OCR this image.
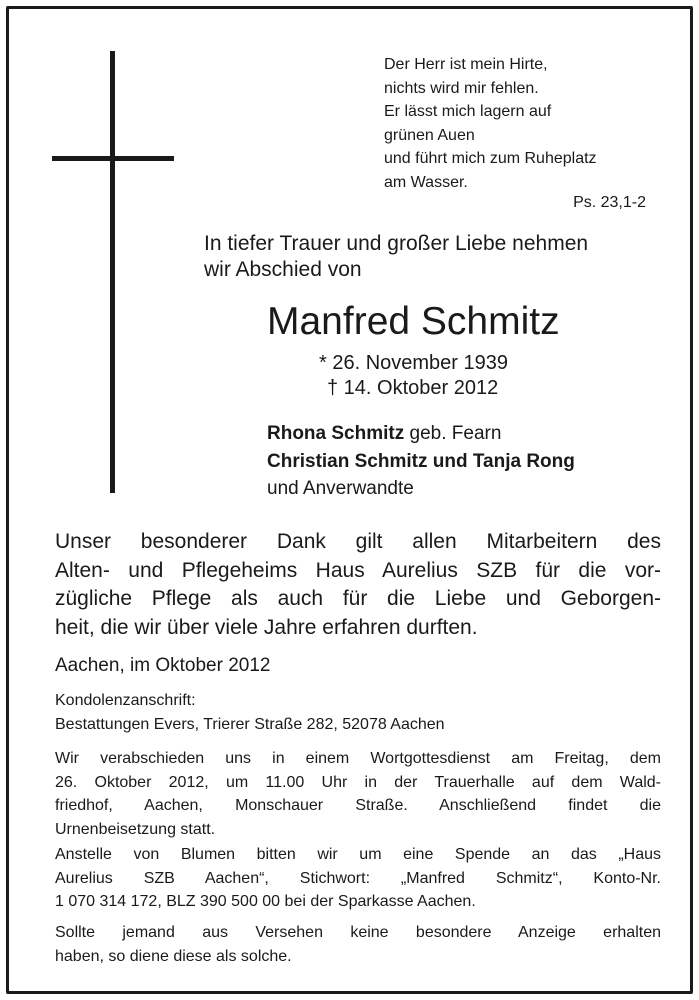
Der Herr ist mein Hirte,
nichts wird mir fehlen.
Er lässt mich lagern auf
grünen Auen
und führt mich zum Ruheplatz
am Wasser.
Ps. 23,1-2
In tiefer Trauer und großer Liebe nehmen
wir Abschied von
Manfred Schmitz
* 26. November 1939
† 14. Oktober 2012
Rhona Schmitz geb. Fearn
Christian Schmitz und Tanja Rong
und Anverwandte
Unser besonderer Dank gilt allen Mitarbeitern des
Alten- und Pflegeheims Haus Aurelius SZB für die vor-
zügliche Pflege als auch für die Liebe und Geborgen-
heit, die wir über viele Jahre erfahren durften.
Aachen, im Oktober 2012
Kondolenzanschrift:
Bestattungen Evers, Trierer Straße 282, 52078 Aachen
Wir verabschieden uns in einem Wortgottesdienst am Freitag, dem
26. Oktober 2012, um 11.00 Uhr in der Trauerhalle auf dem Wald-
friedhof, Aachen, Monschauer Straße. Anschließend findet die
Urnenbeisetzung statt.
Anstelle von Blumen bitten wir um eine Spende an das „Haus
Aurelius SZB Aachen“, Stichwort: „Manfred Schmitz“, Konto-Nr.
1 070 314 172, BLZ 390 500 00 bei der Sparkasse Aachen.
Sollte jemand aus Versehen keine besondere Anzeige erhalten
haben, so diene diese als solche.
